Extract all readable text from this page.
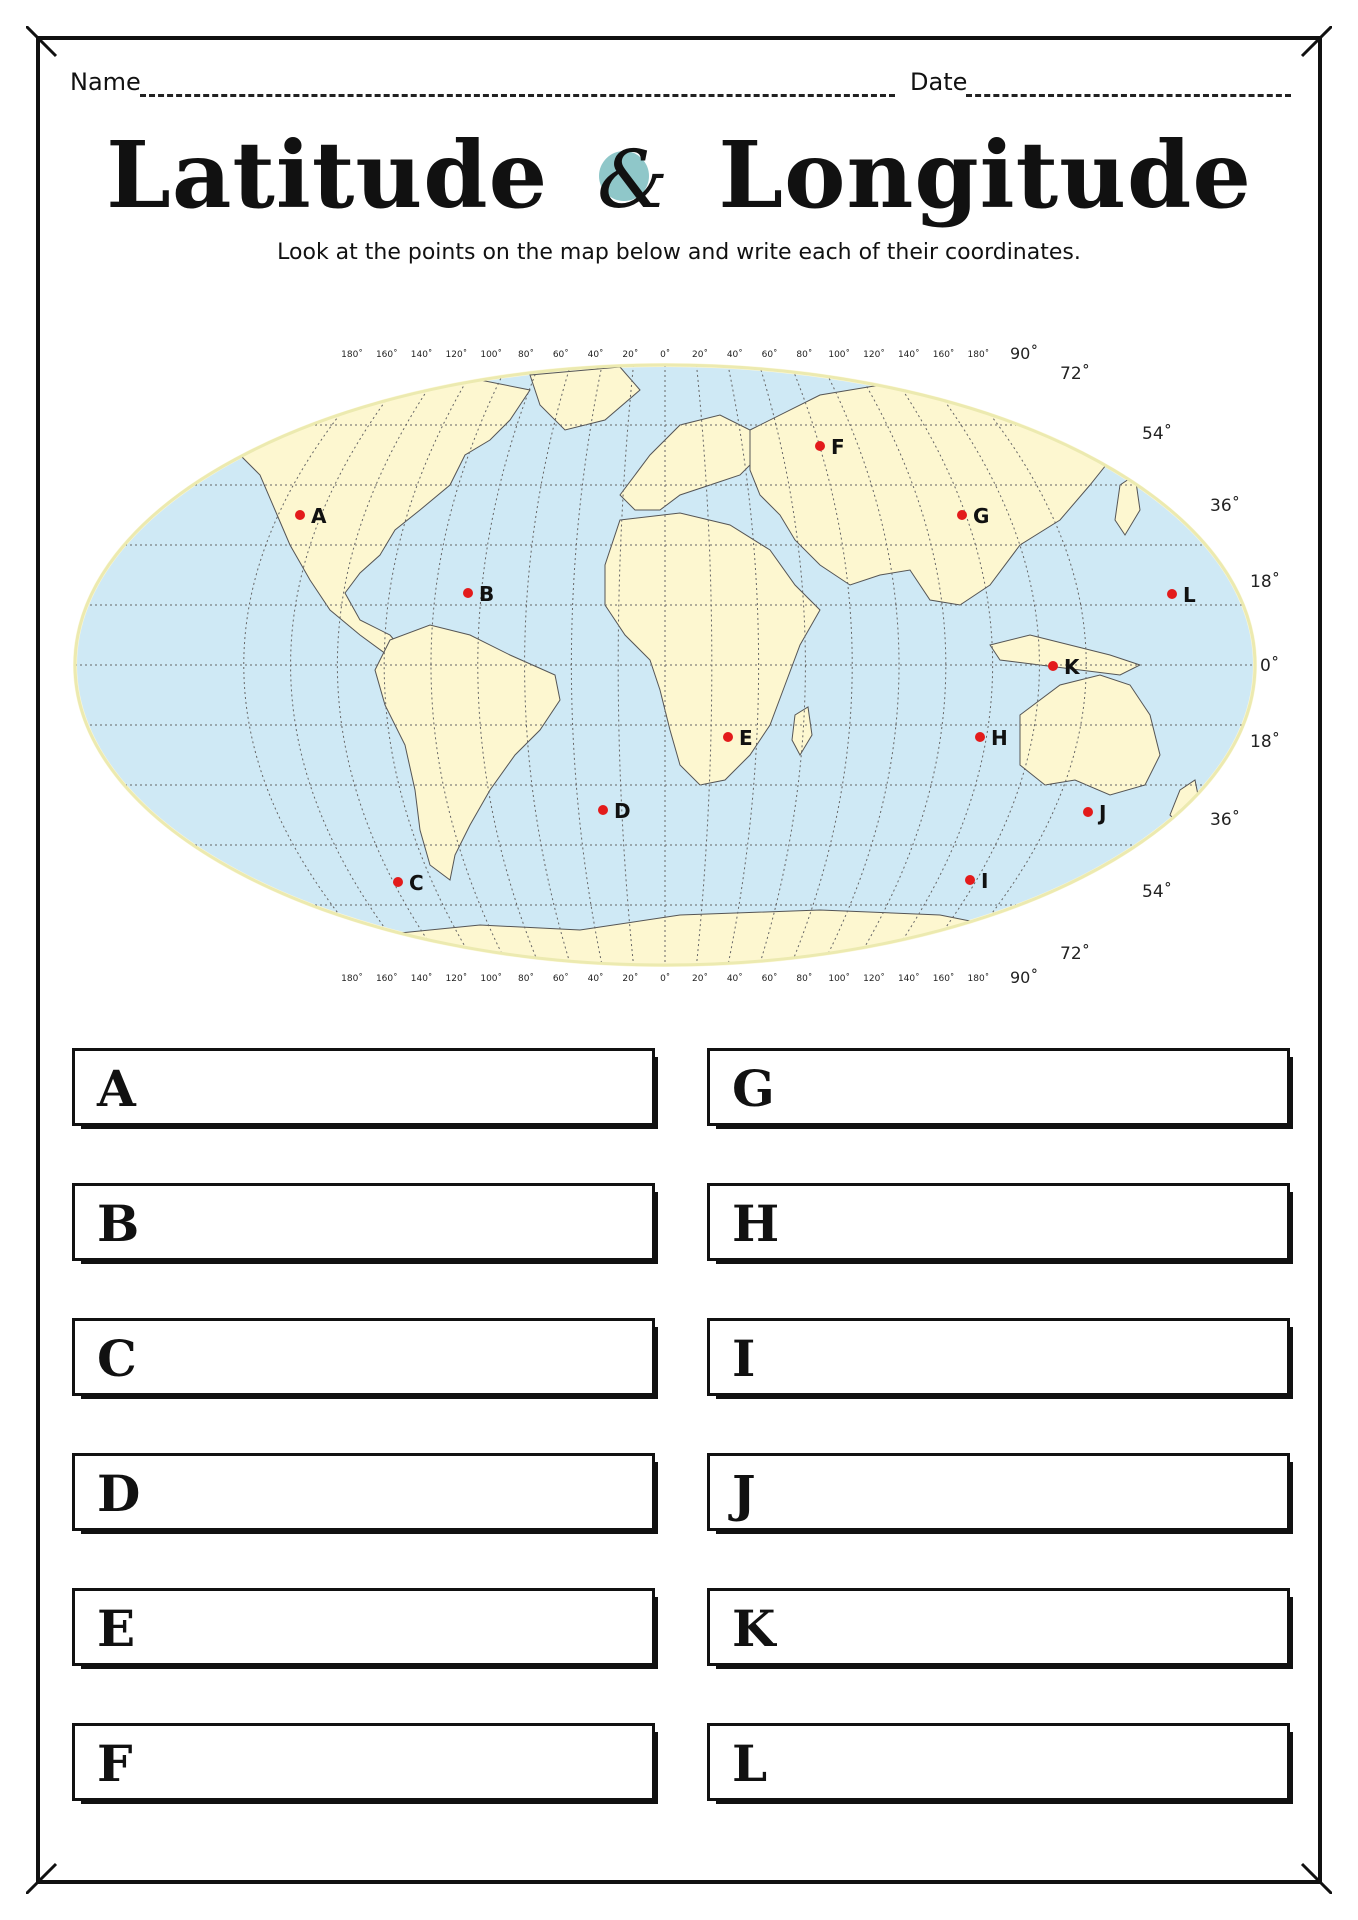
Name	Date
Latitude & Longitude
Look at the points on the map below and write each of their coordinates.
180˚ 160˚ 140˚ 120˚ 100˚ 80˚ 60˚ 40˚ 20˚ 0˚ 20˚ 40˚ 60˚ 80˚ 100˚ 120˚ 140˚ 160˚ 180˚ 90˚
180˚ 160˚ 140˚ 120˚ 100˚ 80˚ 60˚ 40˚ 20˚ 0˚ 20˚ 40˚ 60˚ 80˚ 100˚ 120˚ 140˚ 160˚ 180˚ 90˚
72˚
54˚
36˚
18˚
0˚
18˚
36˚
54˚
72˚
A
B
C
D
E
F
G
H
I
J
K
L
A
B
C
D
E
F
G
H
I
J
K
L
